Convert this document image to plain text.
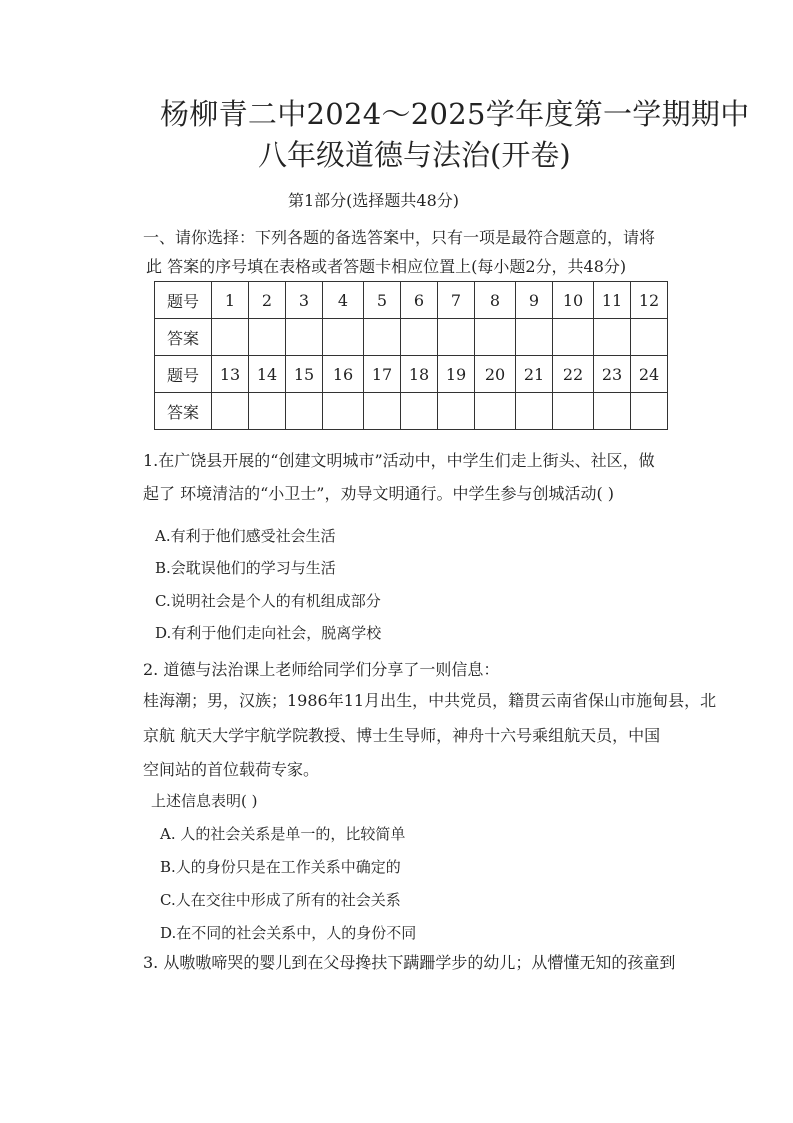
杨柳青二中2024～2025学年度第一学期期中
八年级道德与法治(开卷)
第1部分(选择题共48分)
一、请你选择：下列各题的备选答案中，只有一项是最符合题意的，请将
此 答案的序号填在表格或者答题卡相应位置上(每小题2分，共48分)
题号	1	2	3	4	5	6	7	8	9	10	11	12
答案												
题号	13	14	15	16	17	18	19	20	21	22	23	24
答案												
1.在广饶县开展的“创建文明城市”活动中，中学生们走上街头、社区，做
起了 环境清洁的“小卫士”，劝导文明通行。中学生参与创城活动( )
A.有利于他们感受社会生活
B.会耽误他们的学习与生活
C.说明社会是个人的有机组成部分
D.有利于他们走向社会，脱离学校
2. 道德与法治课上老师给同学们分享了一则信息：
桂海潮；男，汉族；1986年11月出生，中共党员，籍贯云南省保山市施甸县，北
京航 航天大学宇航学院教授、博士生导师，神舟十六号乘组航天员，中国
空间站的首位载荷专家。
上述信息表明( )
A. 人的社会关系是单一的，比较简单
B.人的身份只是在工作关系中确定的
C.人在交往中形成了所有的社会关系
D.在不同的社会关系中，人的身份不同
3. 从嗷嗷啼哭的婴儿到在父母搀扶下蹒跚学步的幼儿；从懵懂无知的孩童到
